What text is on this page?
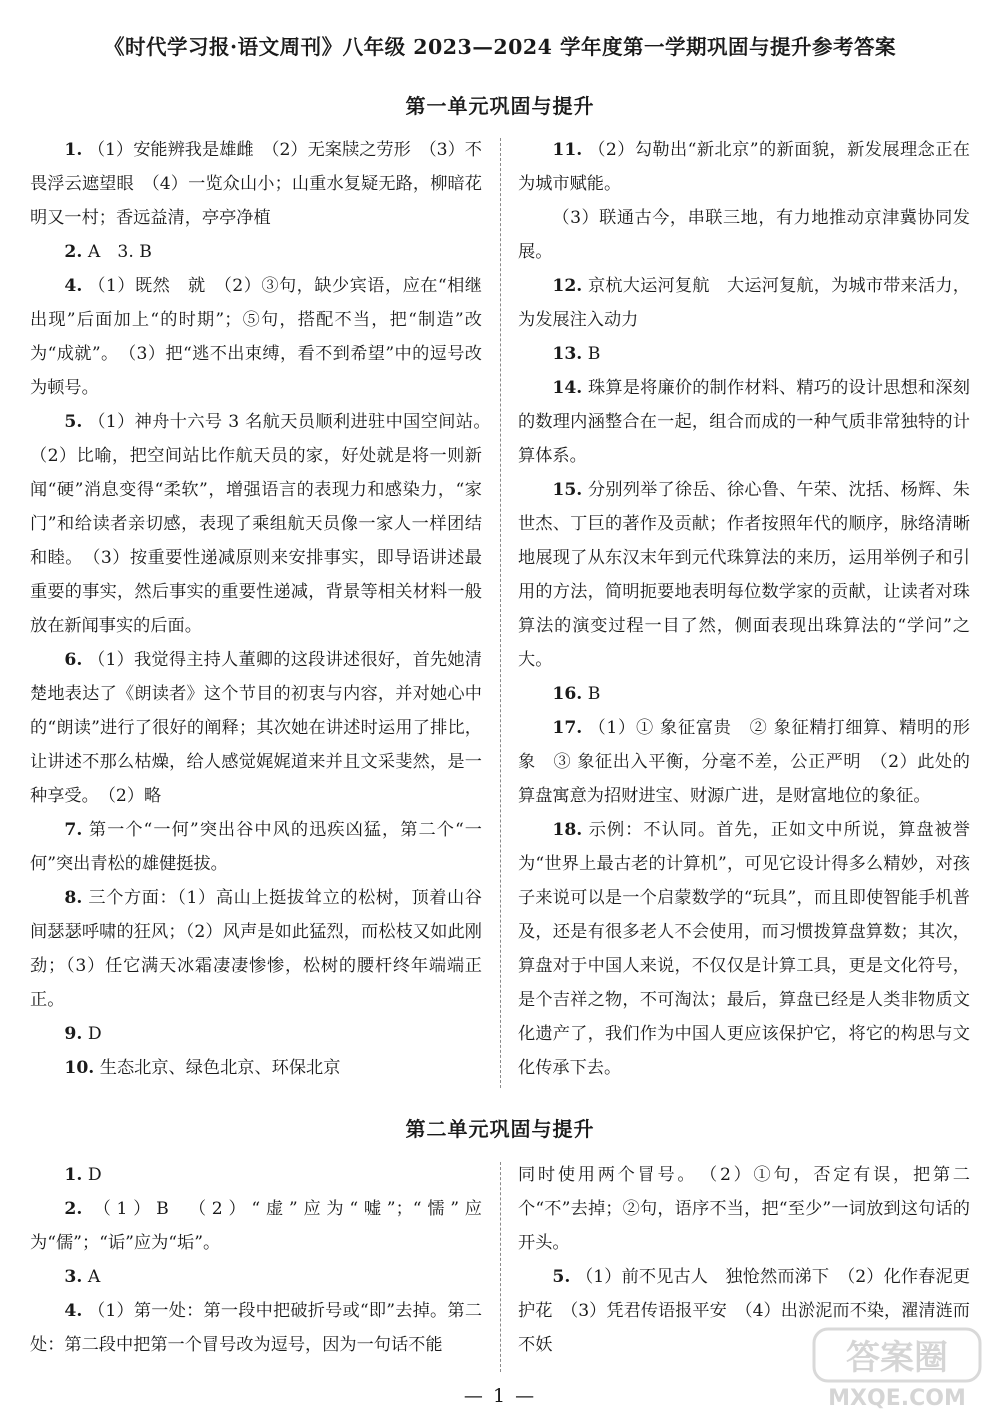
《时代学习报·语文周刊》八年级 2023—2024 学年度第一学期巩固与提升参考答案
第一单元巩固与提升

1. （1）安能辨我是雄雌　（2）无案牍之劳形　（3）不畏浮云遮望眼　（4）一览众山小；山重水复疑无路，柳暗花明又一村；香远益清，亭亭净植

2. A　3. B

4. （1）既然　就　（2）③句，缺少宾语，应在“相继出现”后面加上“的时期”；⑤句，搭配不当，把“制造”改为“成就”。　（3）把“逃不出束缚，看不到希望”中的逗号改为顿号。

5. （1）神舟十六号 3 名航天员顺利进驻中国空间站。　（2）比喻，把空间站比作航天员的家，好处就是将一则新闻“硬”消息变得“柔软”，增强语言的表现力和感染力，“家门”和给读者亲切感，表现了乘组航天员像一家人一样团结和睦。　（3）按重要性递减原则来安排事实，即导语讲述最重要的事实，然后事实的重要性递减，背景等相关材料一般放在新闻事实的后面。

6. （1）我觉得主持人董卿的这段讲述很好，首先她清楚地表达了《朗读者》这个节目的初衷与内容，并对她心中的“朗读”进行了很好的阐释；其次她在讲述时运用了排比，让讲述不那么枯燥，给人感觉娓娓道来并且文采斐然，是一种享受。　（2）略

7. 第一个“一何”突出谷中风的迅疾凶猛，第二个“一何”突出青松的雄健挺拔。

8. 三个方面：（1）高山上挺拔耸立的松树，顶着山谷间瑟瑟呼啸的狂风；（2）风声是如此猛烈，而松枝又如此刚劲；（3）任它满天冰霜凄凄惨惨，松树的腰杆终年端端正正。

9. D

10. 生态北京、绿色北京、环保北京

11. （2）勾勒出“新北京”的新面貌，新发展理念正在为城市赋能。

（3）联通古今，串联三地，有力地推动京津冀协同发展。

12. 京杭大运河复航　大运河复航，为城市带来活力，为发展注入动力

13. B

14. 珠算是将廉价的制作材料、精巧的设计思想和深刻的数理内涵整合在一起，组合而成的一种气质非常独特的计算体系。

15. 分别列举了徐岳、徐心鲁、午荣、沈括、杨辉、朱世杰、丁巨的著作及贡献；作者按照年代的顺序，脉络清晰地展现了从东汉末年到元代珠算法的来历，运用举例子和引用的方法，简明扼要地表明每位数学家的贡献，让读者对珠算法的演变过程一目了然，侧面表现出珠算法的“学问”之大。

16. B

17. （1）① 象征富贵　② 象征精打细算、精明的形象　③ 象征出入平衡，分毫不差，公正严明　（2）此处的算盘寓意为招财进宝、财源广进，是财富地位的象征。

18. 示例：不认同。首先，正如文中所说，算盘被誉为“世界上最古老的计算机”，可见它设计得多么精妙，对孩子来说可以是一个启蒙数学的“玩具”，而且即使智能手机普及，还是有很多老人不会使用，而习惯拨算盘算数；其次，算盘对于中国人来说，不仅仅是计算工具，更是文化符号，是个吉祥之物，不可淘汰；最后，算盘已经是人类非物质文化遗产了，我们作为中国人更应该保护它，将它的构思与文化传承下去。

第二单元巩固与提升

1. D

2. （1）B　（2）“虚”应为“嘘”；“懦”应为“儒”；“诟”应为“垢”。

3. A

4. （1）第一处：第一段中把破折号或“即”去掉。第二处：第二段中把第一个冒号改为逗号，因为一句话不能

同时使用两个冒号。　（2）①句，否定有误，把第二个“不”去掉；②句，语序不当，把“至少”一词放到这句话的开头。

5. （1）前不见古人　独怆然而涕下　（2）化作春泥更护花　（3）凭君传语报平安　（4）出淤泥而不染，濯清涟而不妖

— 1 —
答案圈
MXQE.COM
